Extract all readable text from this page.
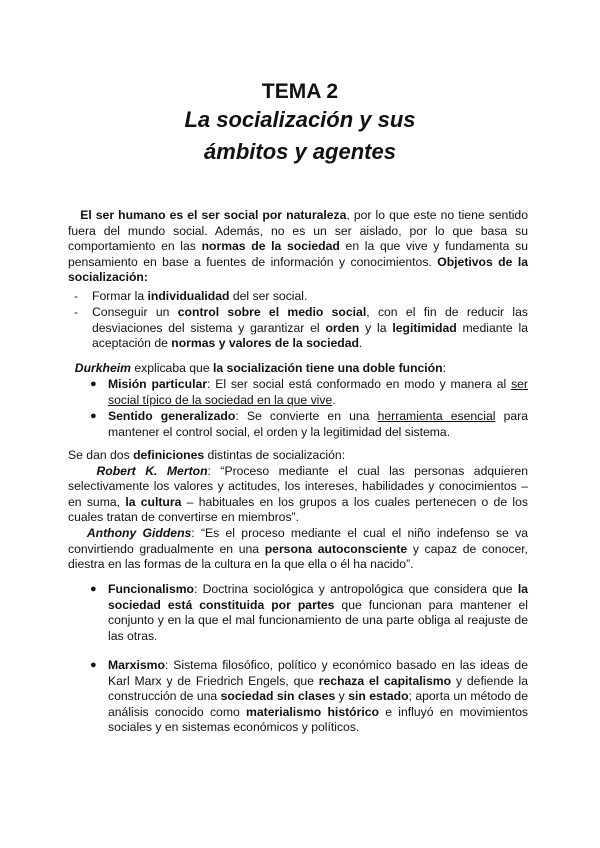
TEMA 2
La socialización y sus
ámbitos y agentes
El ser humano es el ser social por naturaleza, por lo que este no tiene sentido
fuera del mundo social. Además, no es un ser aislado, por lo que basa su
comportamiento en las normas de la sociedad en la que vive y fundamenta su
pensamiento en base a fuentes de información y conocimientos. Objetivos de la
socialización:
- Formar la individualidad del ser social.
- Conseguir un control sobre el medio social, con el fin de reducir las
desviaciones del sistema y garantizar el orden y la legitimidad mediante la
aceptación de normas y valores de la sociedad.
Durkheim explicaba que la socialización tiene una doble función:
● Misión particular: El ser social está conformado en modo y manera al ser
social típico de la sociedad en la que vive.
● Sentido generalizado: Se convierte en una herramienta esencial para
mantener el control social, el orden y la legitimidad del sistema.
Se dan dos definiciones distintas de socialización:
Robert K. Merton: “Proceso mediante el cual las personas adquieren
selectivamente los valores y actitudes, los intereses, habilidades y conocimientos –
en suma, la cultura – habituales en los grupos a los cuales pertenecen o de los
cuales tratan de convertirse en miembros”.
Anthony Giddens: “Es el proceso mediante el cual el niño indefenso se va
convirtiendo gradualmente en una persona autoconsciente y capaz de conocer,
diestra en las formas de la cultura en la que ella o él ha nacido”.
● Funcionalismo: Doctrina sociológica y antropológica que considera que la
sociedad está constituida por partes que funcionan para mantener el
conjunto y en la que el mal funcionamiento de una parte obliga al reajuste de
las otras.
● Marxismo: Sistema filosófico, político y económico basado en las ideas de
Karl Marx y de Friedrich Engels, que rechaza el capitalismo y defiende la
construcción de una sociedad sin clases y sin estado; aporta un método de
análisis conocido como materialismo histórico e influyó en movimientos
sociales y en sistemas económicos y políticos.
